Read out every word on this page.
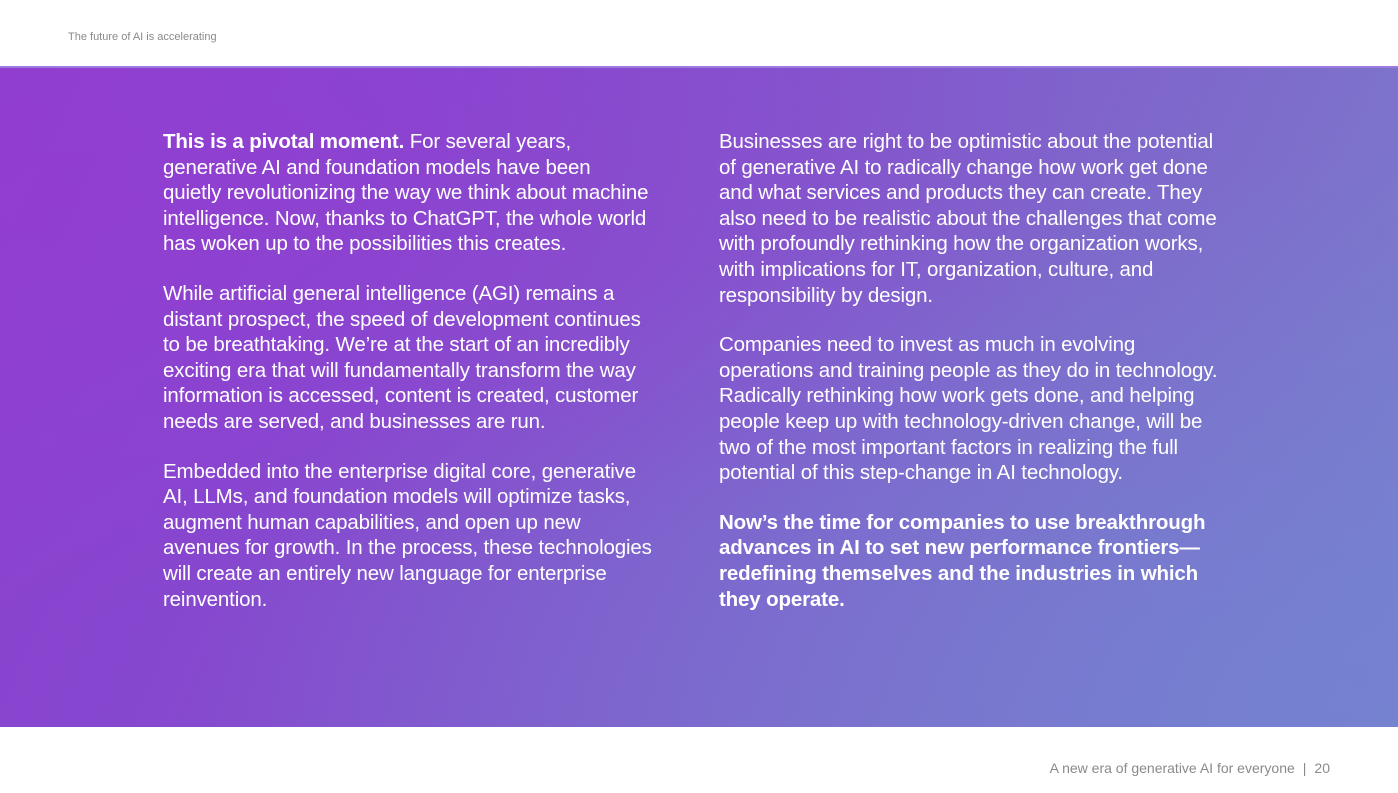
The future of AI is accelerating

This is a pivotal moment. For several years, generative AI and foundation models have been quietly revolutionizing the way we think about machine intelligence. Now, thanks to ChatGPT, the whole world has woken up to the possibilities this creates.

While artificial general intelligence (AGI) remains a distant prospect, the speed of development continues to be breathtaking. We’re at the start of an incredibly exciting era that will fundamentally transform the way information is accessed, content is created, customer needs are served, and businesses are run.

Embedded into the enterprise digital core, generative AI, LLMs, and foundation models will optimize tasks, augment human capabilities, and open up new avenues for growth. In the process, these technologies will create an entirely new language for enterprise reinvention.

Businesses are right to be optimistic about the potential of generative AI to radically change how work get done and what services and products they can create. They also need to be realistic about the challenges that come with profoundly rethinking how the organization works, with implications for IT, organization, culture, and responsibility by design.

Companies need to invest as much in evolving operations and training people as they do in technology. Radically rethinking how work gets done, and helping people keep up with technology-driven change, will be two of the most important factors in realizing the full potential of this step-change in AI technology.

Now’s the time for companies to use breakthrough advances in AI to set new performance frontiers—redefining themselves and the industries in which they operate.

A new era of generative AI for everyone | 20
